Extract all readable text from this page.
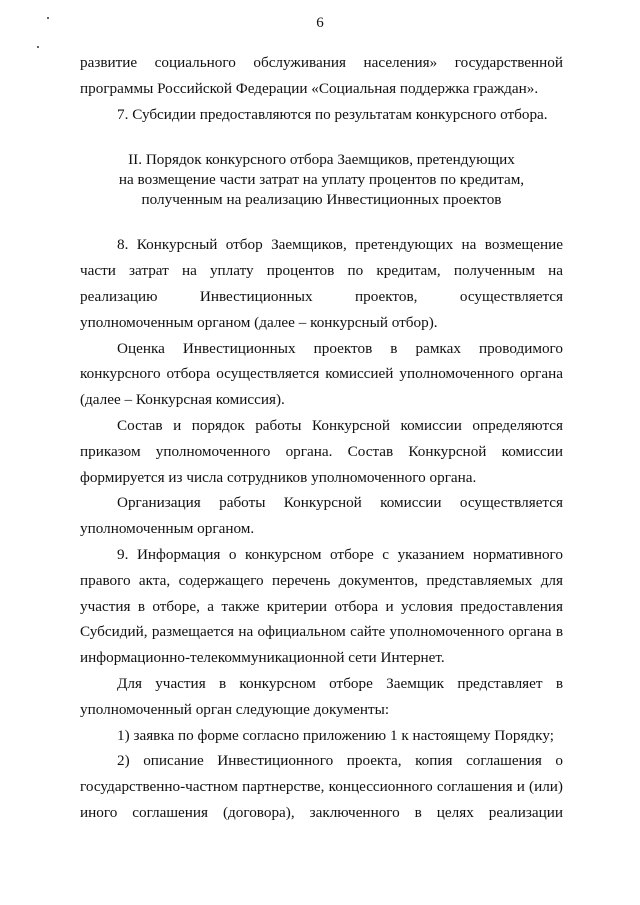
6

развитие социального обслуживания населения» государственной программы Российской Федерации «Социальная поддержка граждан».

7. Субсидии предоставляются по результатам конкурсного отбора.

II. Порядок конкурсного отбора Заемщиков, претендующих
на возмещение части затрат на уплату процентов по кредитам,
полученным на реализацию Инвестиционных проектов

8. Конкурсный отбор Заемщиков, претендующих на возмещение части затрат на уплату процентов по кредитам, полученным на реализацию Инвестиционных проектов, осуществляется уполномоченным органом (далее – конкурсный отбор).

Оценка Инвестиционных проектов в рамках проводимого конкурсного отбора осуществляется комиссией уполномоченного органа (далее – Конкурсная комиссия).

Состав и порядок работы Конкурсной комиссии определяются приказом уполномоченного органа. Состав Конкурсной комиссии формируется из числа сотрудников уполномоченного органа.

Организация работы Конкурсной комиссии осуществляется уполномоченным органом.

9. Информация о конкурсном отборе с указанием нормативного правого акта, содержащего перечень документов, представляемых для участия в отборе, а также критерии отбора и условия предоставления Субсидий, размещается на официальном сайте уполномоченного органа в информационно-телекоммуникационной сети Интернет.

Для участия в конкурсном отборе Заемщик представляет в уполномоченный орган следующие документы:

1) заявка по форме согласно приложению 1 к настоящему Порядку;

2) описание Инвестиционного проекта, копия соглашения о государственно-частном партнерстве, концессионного соглашения и (или) иного соглашения (договора), заключенного в целях реализации
